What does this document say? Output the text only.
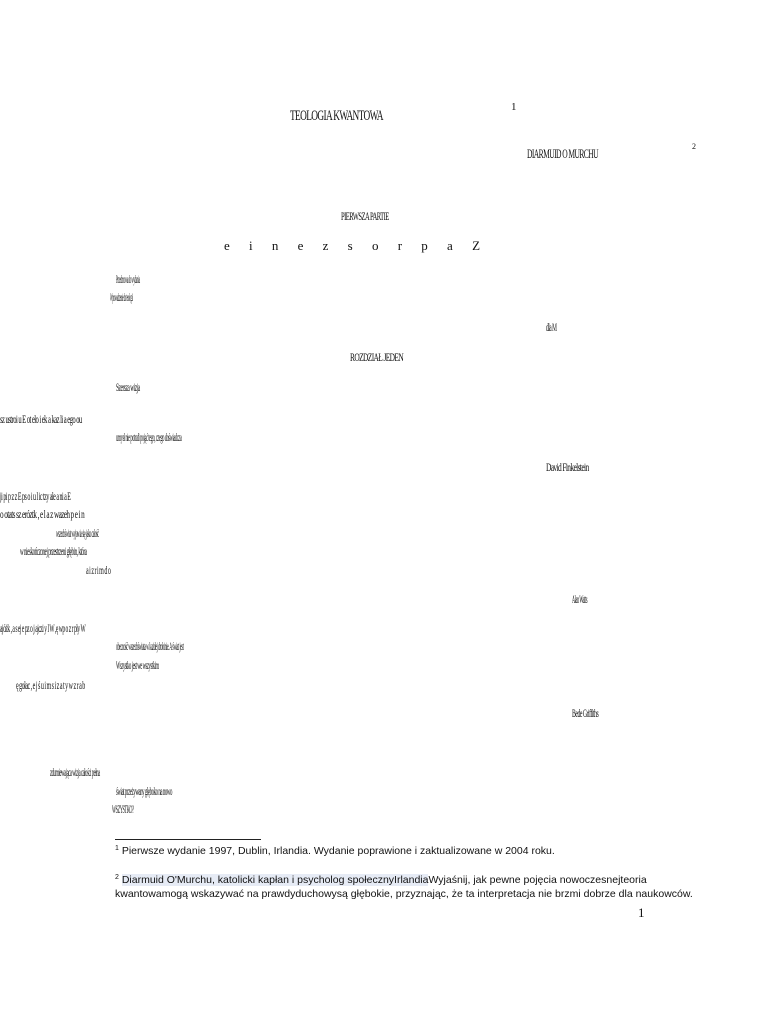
TEOLOGIA KWANTOWA
1
DIARMUID O MURCHU	2
PIERWSZA PARTIE
e i n e z s o r p a Z
Przedmowa do wydania
Wprowadzenie do teologii
dla M
ROZDZIAŁ JEDEN
Szersza wizja
sz ustroi u E ot elo i ek a kaz li a ego ou
umysł nie potrafi pojąć tego, czego doświadcza
David Finkelstein
ji pi p z z E ps o i u l ic tzy ale a ni a E
o otats sz eróztk , e l a z wazeh p e i n
wszechświat wyjawia się jako całość
w nieskończonej przestrzeni głębin, która
a i z r i m d o
Alan Watts
ajóżk , a s ej e pz o j ajczi y l W ,ę wp o z r ply W
obecność wszechświata w każdej drobinie. A świat jest
Wszystko jest we wszystkim
ę gołac , e j ś u i m s i z a t y w z r a b
Bede Griffiths
zdumiewająca wizja całości pełna
świat przeżywany głęboko na nowo
WSZYSTKO?
$^1$ Pierwsze wydanie 1997, Dublin, Irlandia. Wydanie poprawione i zaktualizowane w 2004 roku.
$^2$ Diarmuid O'Murchu, katolicki kapłan i psycholog społecznyIrlandiaWyjaśnij, jak pewne pojęcia nowoczesnejteoria
kwantowamogą wskazywać na prawdyduchowysą głębokie, przyznając, że ta interpretacja nie brzmi dobrze dla naukowców.
1
